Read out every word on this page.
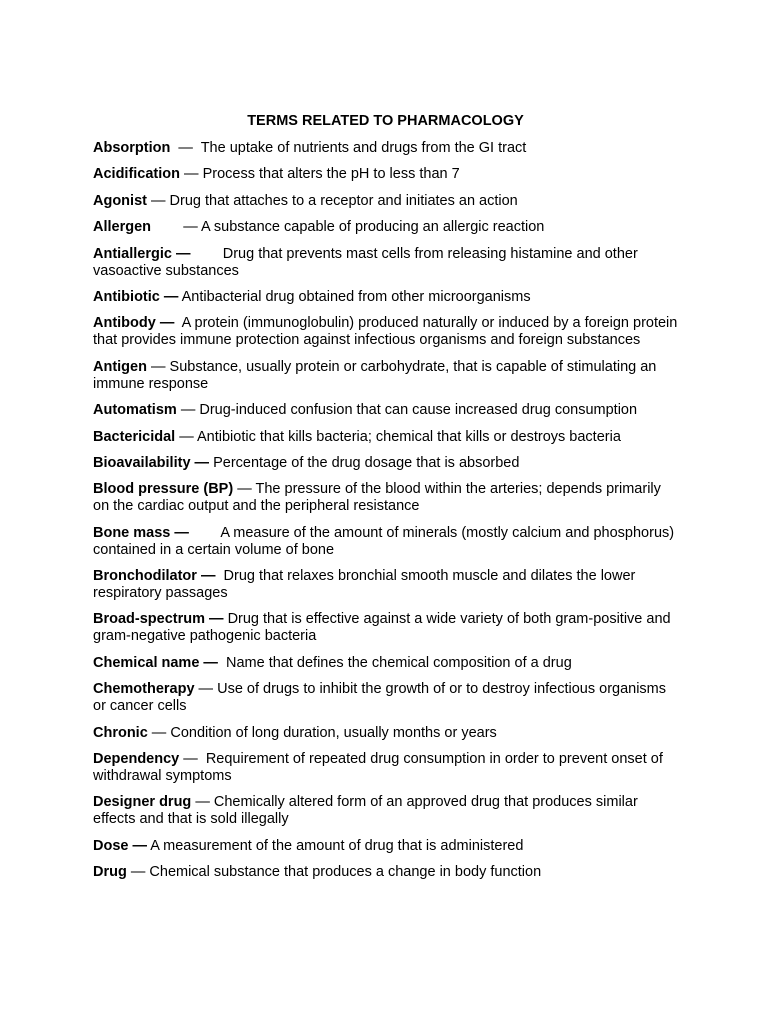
TERMS RELATED TO PHARMACOLOGY
Absorption  —  The uptake of nutrients and drugs from the GI tract
Acidification — Process that alters the pH to less than 7
Agonist — Drug that attaches to a receptor and initiates an action
Allergen        — A substance capable of producing an allergic reaction
Antiallergic — Drug that prevents mast cells from releasing histamine and other vasoactive substances
Antibiotic — Antibacterial drug obtained from other microorganisms
Antibody — A protein (immunoglobulin) produced naturally or induced by a foreign protein that provides immune protection against infectious organisms and foreign substances
Antigen — Substance, usually protein or carbohydrate, that is capable of stimulating an immune response
Automatism — Drug-induced confusion that can cause increased drug consumption
Bactericidal — Antibiotic that kills bacteria; chemical that kills or destroys bacteria
Bioavailability — Percentage of the drug dosage that is absorbed
Blood pressure (BP) — The pressure of the blood within the arteries; depends primarily on the cardiac output and the peripheral resistance
Bone mass — A measure of the amount of minerals (mostly calcium and phosphorus) contained in a certain volume of bone
Bronchodilator — Drug that relaxes bronchial smooth muscle and dilates the lower respiratory passages
Broad-spectrum — Drug that is effective against a wide variety of both gram-positive and gram-negative pathogenic bacteria
Chemical name — Name that defines the chemical composition of a drug
Chemotherapy — Use of drugs to inhibit the growth of or to destroy infectious organisms or cancer cells
Chronic — Condition of long duration, usually months or years
Dependency —  Requirement of repeated drug consumption in order to prevent onset of withdrawal symptoms
Designer drug — Chemically altered form of an approved drug that produces similar effects and that is sold illegally
Dose — A measurement of the amount of drug that is administered
Drug — Chemical substance that produces a change in body function
